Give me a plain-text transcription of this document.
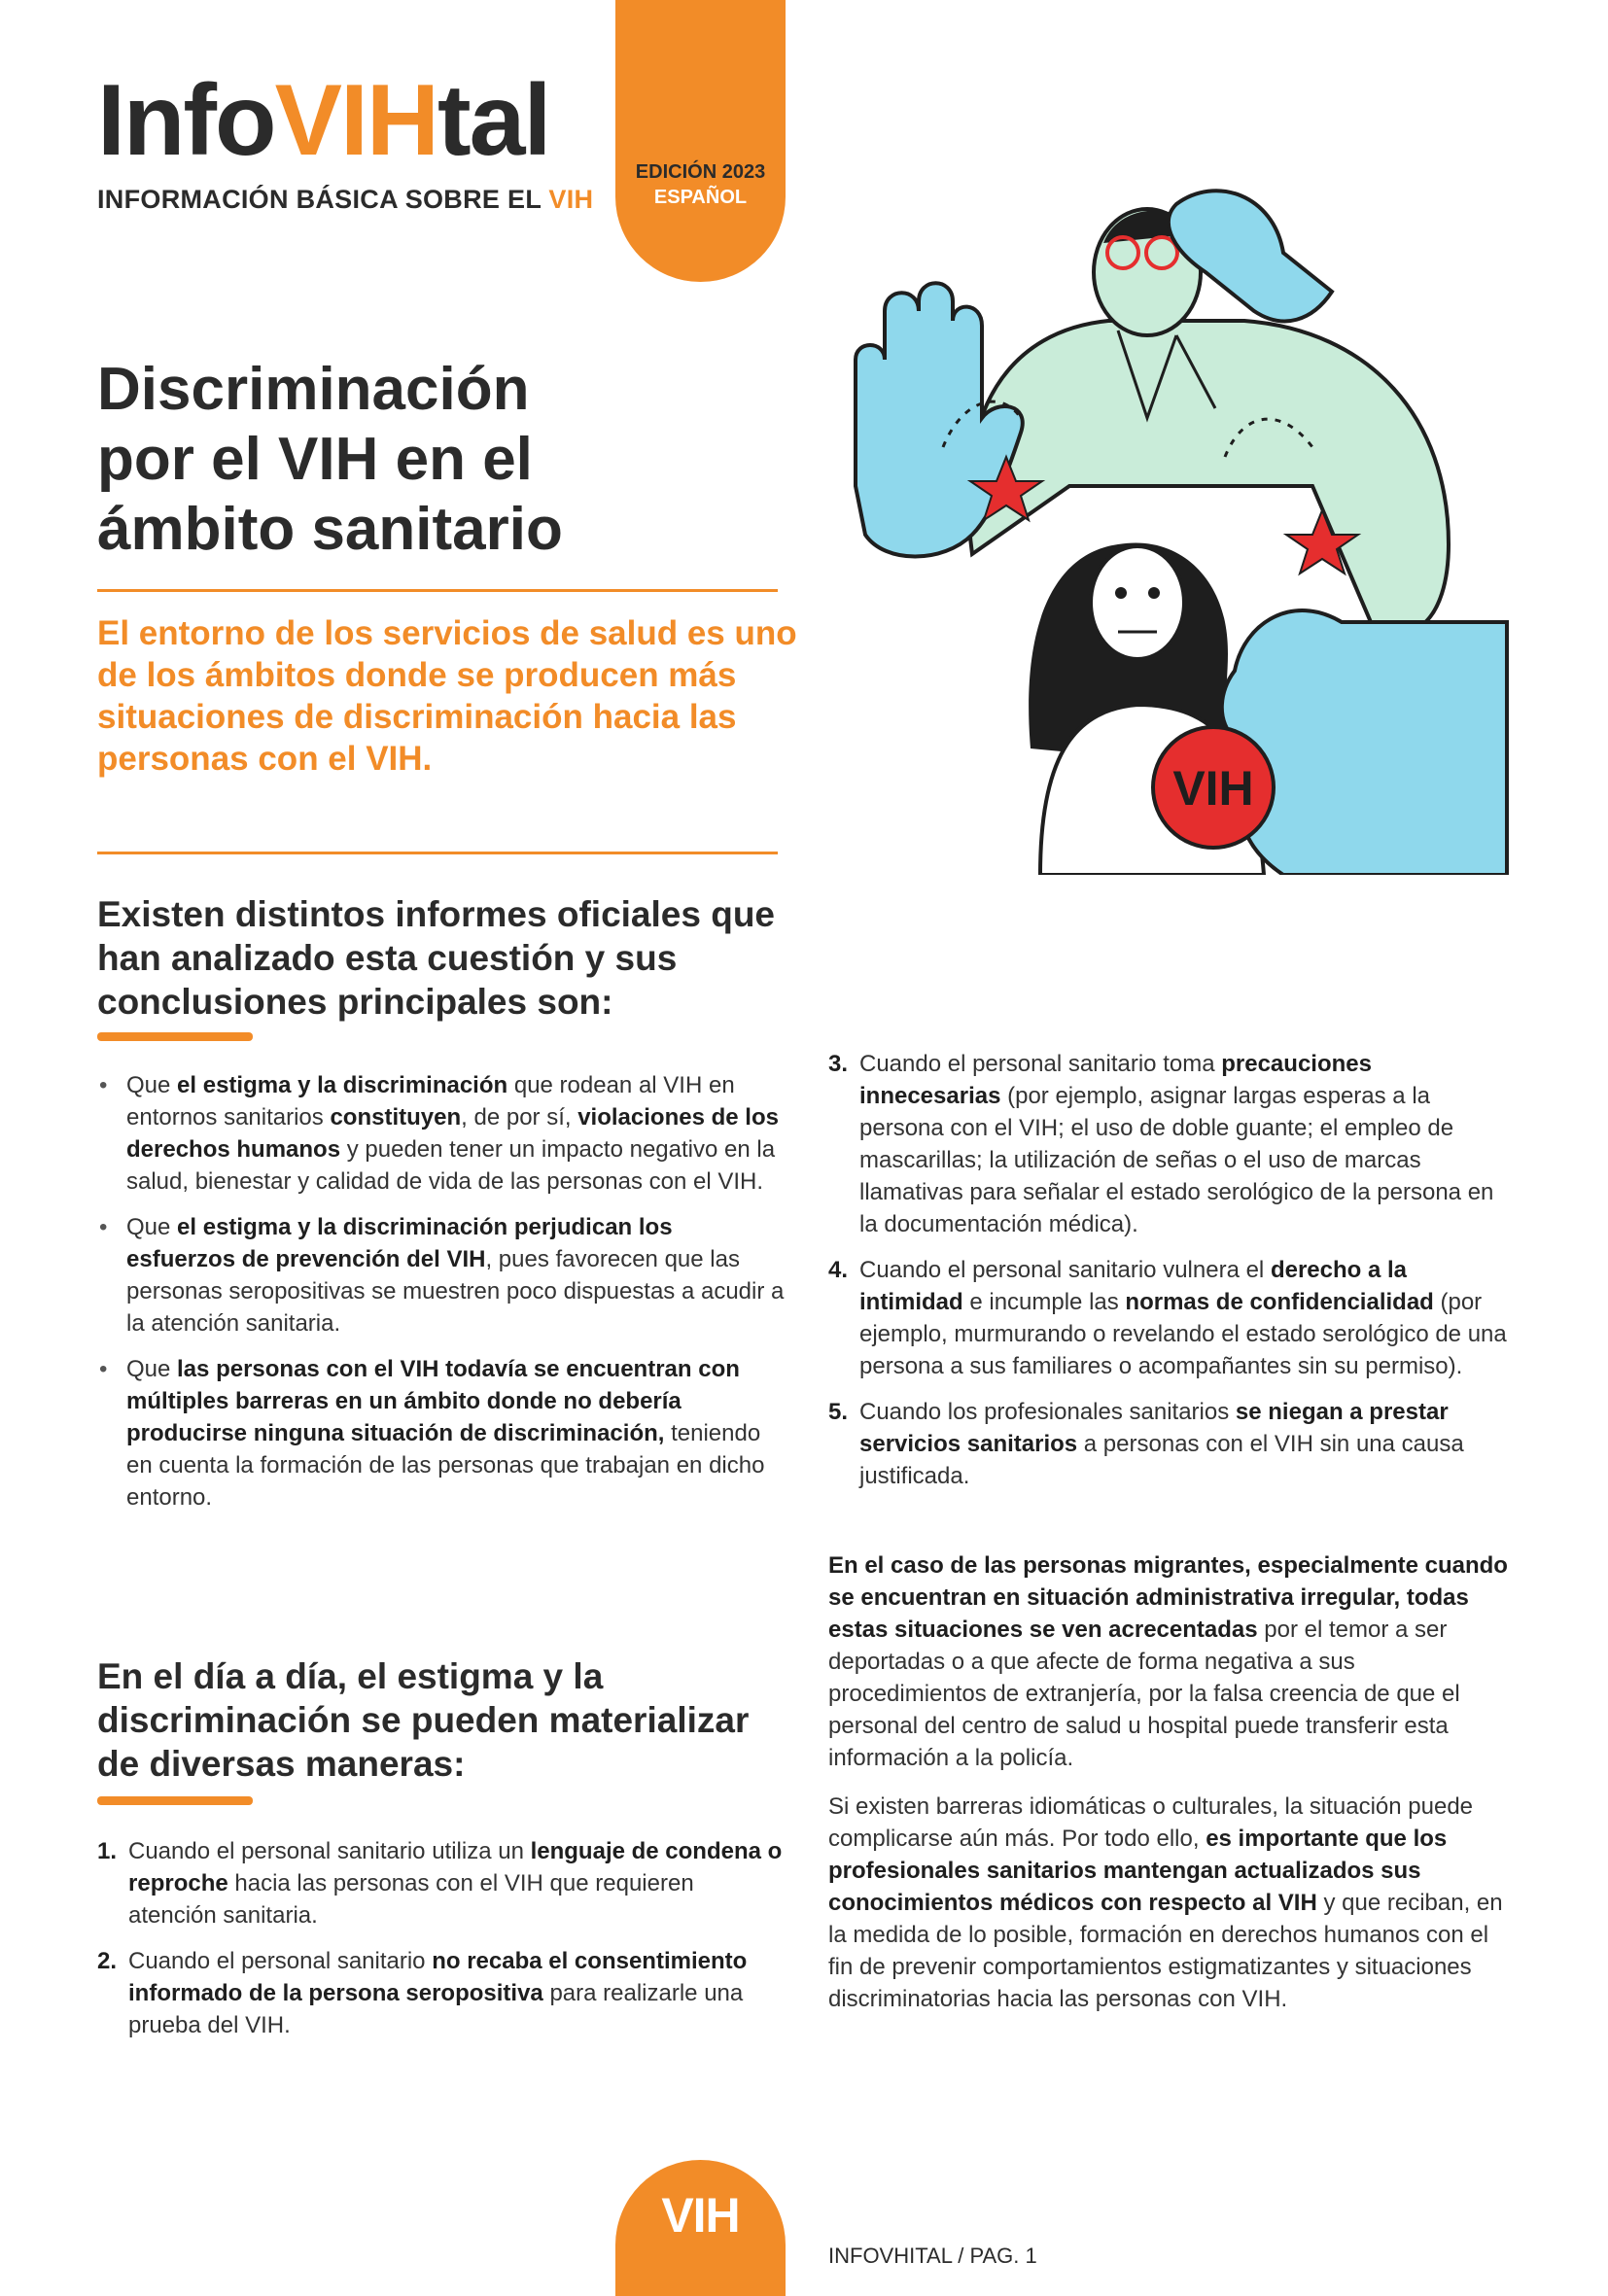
InfoVIHtal
INFORMACIÓN BÁSICA SOBRE EL VIH
EDICIÓN 2023
ESPAÑOL
Discriminación
por el VIH en el
ámbito sanitario
El entorno de los servicios de salud es uno de los ámbitos donde se producen más situaciones de discriminación hacia las personas con el VIH.
VIH
Existen distintos informes oficiales que han analizado esta cuestión y sus conclusiones principales son:
• Que el estigma y la discriminación que rodean al VIH en entornos sanitarios constituyen, de por sí, violaciones de los derechos humanos y pueden tener un impacto negativo en la salud, bienestar y calidad de vida de las personas con el VIH.
• Que el estigma y la discriminación perjudican los esfuerzos de prevención del VIH, pues favorecen que las personas seropositivas se muestren poco dispuestas a acudir a la atención sanitaria.
• Que las personas con el VIH todavía se encuentran con múltiples barreras en un ámbito donde no debería producirse ninguna situación de discriminación, teniendo en cuenta la formación de las personas que trabajan en dicho entorno.
En el día a día, el estigma y la discriminación se pueden materializar de diversas maneras:
1. Cuando el personal sanitario utiliza un lenguaje de condena o reproche hacia las personas con el VIH que requieren atención sanitaria.
2. Cuando el personal sanitario no recaba el consentimiento informado de la persona seropositiva para realizarle una prueba del VIH.
3. Cuando el personal sanitario toma precauciones innecesarias (por ejemplo, asignar largas esperas a la persona con el VIH; el uso de doble guante; el empleo de mascarillas; la utilización de señas o el uso de marcas llamativas para señalar el estado serológico de la persona en la documentación médica).
4. Cuando el personal sanitario vulnera el derecho a la intimidad e incumple las normas de confidencialidad (por ejemplo, murmurando o revelando el estado serológico de una persona a sus familiares o acompañantes sin su permiso).
5. Cuando los profesionales sanitarios se niegan a prestar servicios sanitarios a personas con el VIH sin una causa justificada.

En el caso de las personas migrantes, especialmente cuando se encuentran en situación administrativa irregular, todas estas situaciones se ven acrecentadas por el temor a ser deportadas o a que afecte de forma negativa a sus procedimientos de extranjería, por la falsa creencia de que el personal del centro de salud u hospital puede transferir esta información a la policía.

Si existen barreras idiomáticas o culturales, la situación puede complicarse aún más. Por todo ello, es importante que los profesionales sanitarios mantengan actualizados sus conocimientos médicos con respecto al VIH y que reciban, en la medida de lo posible, formación en derechos humanos con el fin de prevenir comportamientos estigmatizantes y situaciones discriminatorias hacia las personas con VIH.

VIH
INFOVHITAL / PAG. 1
